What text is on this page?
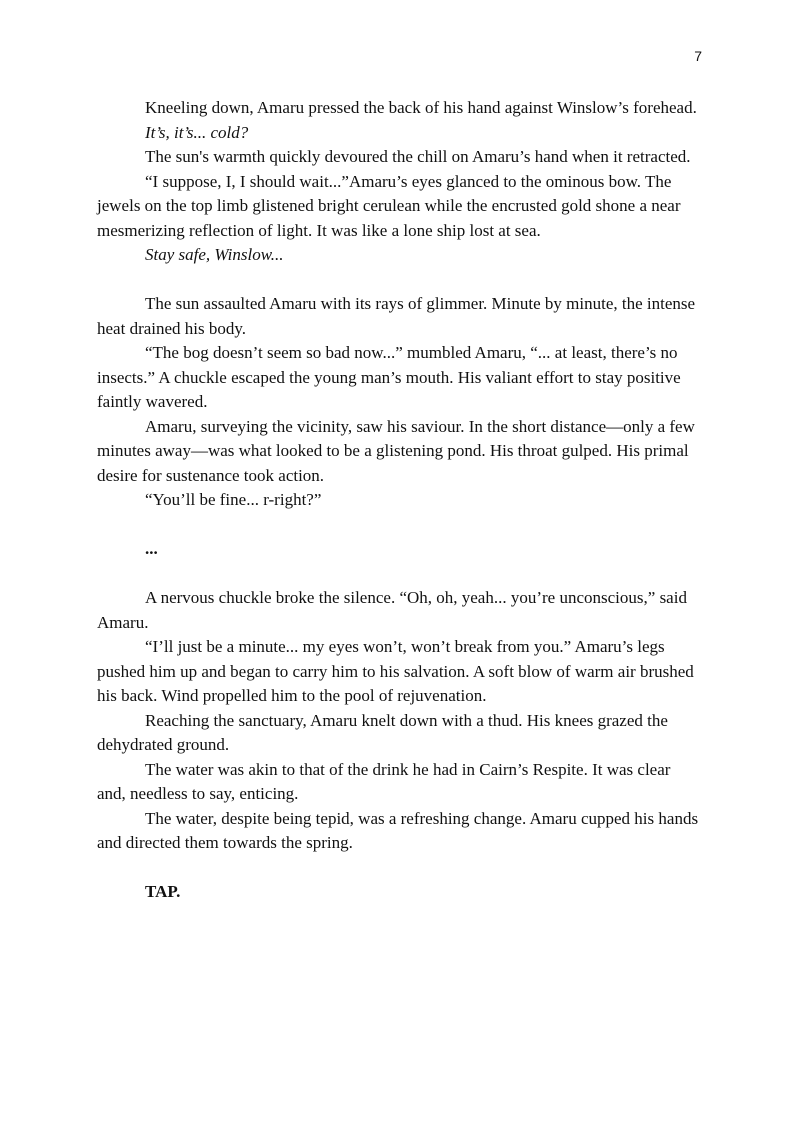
7

Kneeling down, Amaru pressed the back of his hand against Winslow’s forehead.

It’s, it’s... cold?

The sun's warmth quickly devoured the chill on Amaru’s hand when it retracted.

“I suppose, I, I should wait...”Amaru’s eyes glanced to the ominous bow. The jewels on the top limb glistened bright cerulean while the encrusted gold shone a near mesmerizing reflection of light. It was like a lone ship lost at sea.

Stay safe, Winslow...

The sun assaulted Amaru with its rays of glimmer. Minute by minute, the intense heat drained his body.

“The bog doesn’t seem so bad now...” mumbled Amaru, “... at least, there’s no insects.” A chuckle escaped the young man’s mouth. His valiant effort to stay positive faintly wavered.

Amaru, surveying the vicinity, saw his saviour. In the short distance—only a few minutes away—was what looked to be a glistening pond. His throat gulped. His primal desire for sustenance took action.

“You’ll be fine... r-right?”

...

A nervous chuckle broke the silence. “Oh, oh, yeah... you’re unconscious,” said Amaru.

“I’ll just be a minute... my eyes won’t, won’t break from you.” Amaru’s legs pushed him up and began to carry him to his salvation. A soft blow of warm air brushed his back. Wind propelled him to the pool of rejuvenation.

Reaching the sanctuary, Amaru knelt down with a thud. His knees grazed the dehydrated ground.

The water was akin to that of the drink he had in Cairn’s Respite. It was clear and, needless to say, enticing.

The water, despite being tepid, was a refreshing change. Amaru cupped his hands and directed them towards the spring.

TAP.
